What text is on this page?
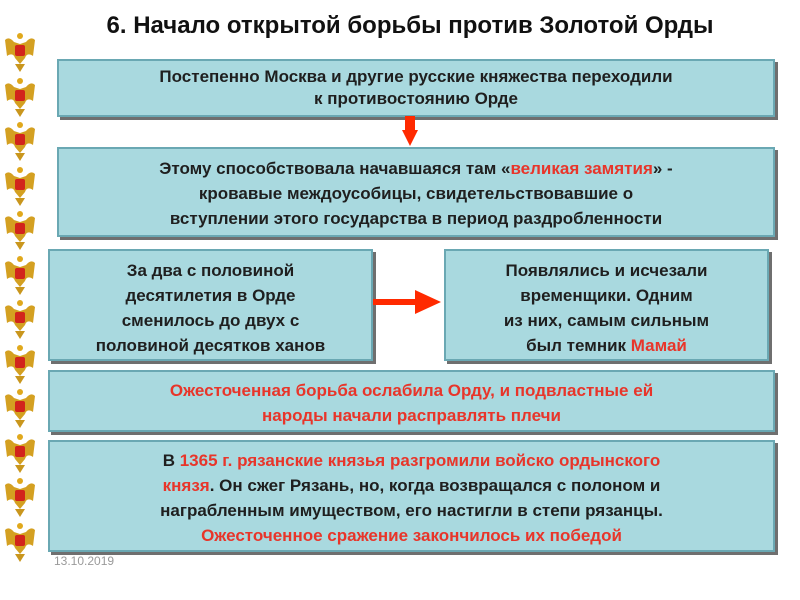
6. Начало открытой борьбы против Золотой Орды
Постепенно Москва и другие русские княжества переходили
к противостоянию Орде
Этому способствовала начавшаяся там «великая замятия» -
кровавые междоусобицы, свидетельствовавшие о
вступлении этого государства в период раздробленности
За два с половиной
десятилетия в Орде
сменилось до двух с
половиной десятков ханов
Появлялись и исчезали
временщики. Одним
из них, самым сильным
был темник Мамай
Ожесточенная борьба ослабила Орду, и подвластные ей
народы начали расправлять плечи
В 1365 г. рязанские князья разгромили войско ордынского
князя. Он сжег Рязань, но, когда возвращался с полоном и
награбленным имуществом, его настигли в степи рязанцы.
Ожесточенное сражение закончилось их победой
13.10.2019
